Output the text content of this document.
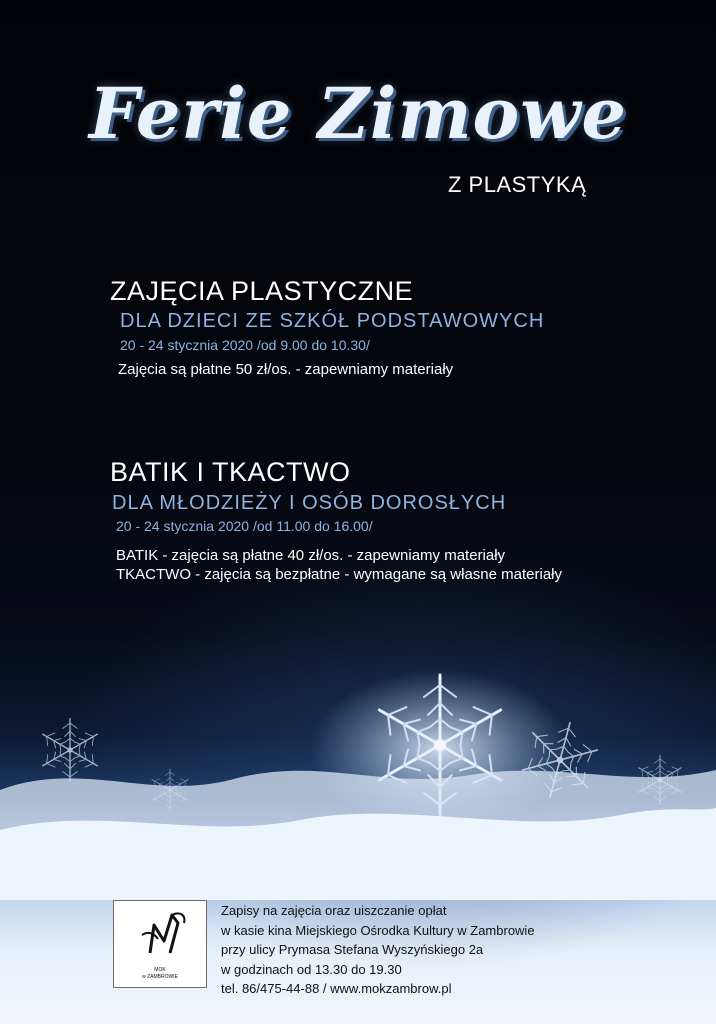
Ferie Zimowe
Z PLASTYKĄ
ZAJĘCIA PLASTYCZNE
DLA DZIECI ZE SZKÓŁ PODSTAWOWYCH
20 - 24 stycznia 2020 /od 9.00 do 10.30/
Zajęcia są płatne 50 zł/os. - zapewniamy materiały
BATIK I TKACTWO
DLA MŁODZIEŻY I OSÓB DOROSŁYCH
20 - 24 stycznia 2020 /od 11.00 do 16.00/
BATIK - zajęcia są płatne 40 zł/os. - zapewniamy materiały
TKACTWO - zajęcia są bezpłatne - wymagane są własne materiały
MOK
w ZAMBROWIE
Zapisy na zajęcia oraz uiszczanie opłat
w kasie kina Miejskiego Ośrodka Kultury w Zambrowie
przy ulicy Prymasa Stefana Wyszyńskiego 2a
w godzinach od 13.30 do 19.30
tel. 86/475-44-88 / www.mokzambrow.pl
